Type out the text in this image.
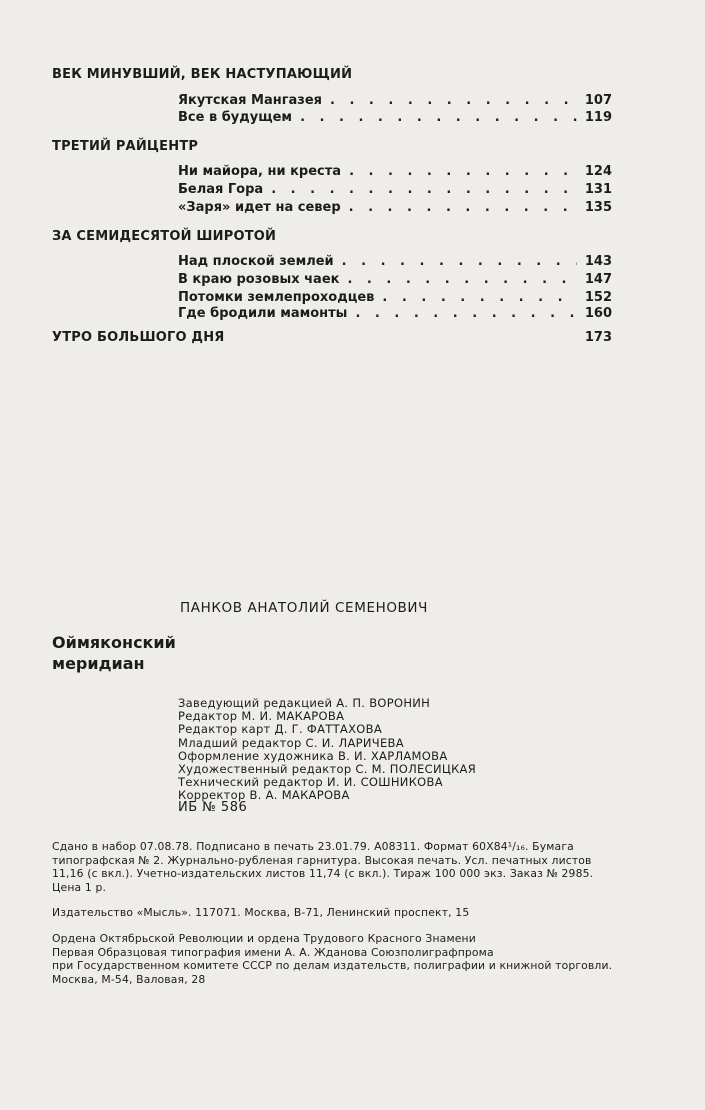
ВЕК МИНУВШИЙ, ВЕК НАСТУПАЮЩИЙ
Якутская Мангазея . . .	107
Все в будущем . . .	119
ТРЕТИЙ РАЙЦЕНТР
Ни майора, ни креста . . .	124
Белая Гора . . .	131
«Заря» идет на север . . .	135
ЗА СЕМИДЕСЯТОЙ ШИРОТОЙ
Над плоской землей . . .	143
В краю розовых чаек . . .	147
Потомки землепроходцев . . .	152
Где бродили мамонты . . .	160
УТРО БОЛЬШОГО ДНЯ	173
ПАНКОВ АНАТОЛИЙ СЕМЕНОВИЧ
Оймяконский
меридиан
Заведующий редакцией А. П. ВОРОНИН
Редактор М. И. МАКАРОВА
Редактор карт Д. Г. ФАТТАХОВА
Младший редактор С. И. ЛАРИЧЕВА
Оформление художника В. И. ХАРЛАМОВА
Художественный редактор С. М. ПОЛЕСИЦКАЯ
Технический редактор И. И. СОШНИКОВА
Корректор В. А. МАКАРОВА
ИБ № 586
Сдано в набор 07.08.78. Подписано в печать 23.01.79. А08311. Формат 60Х84¹/₁₆. Бумага
типографская № 2. Журнально-рубленая гарнитура. Высокая печать. Усл. печатных листов
11,16 (с вкл.). Учетно-издательских листов 11,74 (с вкл.). Тираж 100 000 экз. Заказ № 2985.
Цена 1 р.
Издательство «Мысль». 117071. Москва, В-71, Ленинский проспект, 15
Ордена Октябрьской Революции и ордена Трудового Красного Знамени
Первая Образцовая типография имени А. А. Жданова Союзполиграфпрома
при Государственном комитете СССР по делам издательств, полиграфии и книжной торговли.
Москва, М-54, Валовая, 28
